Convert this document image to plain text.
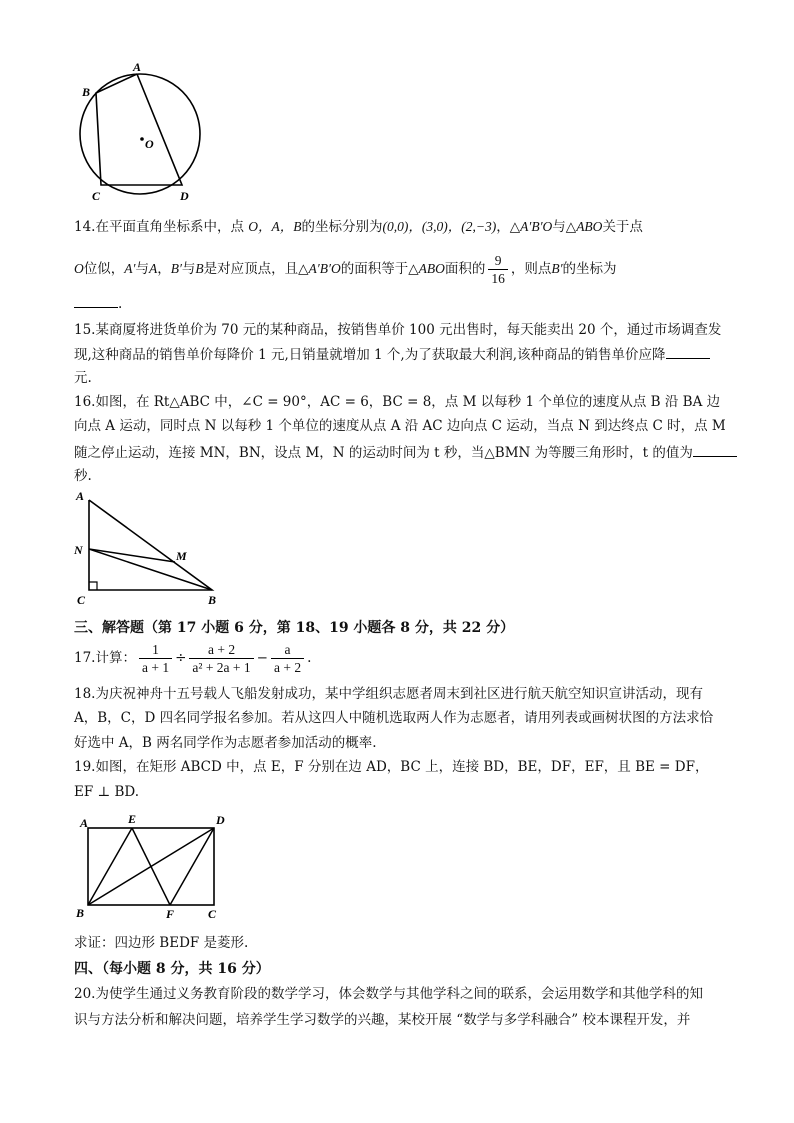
A
B
C	D
O
14.在平面直角坐标系中，点 O，A，B的坐标分别为(0,0)，(3,0)，(2,−3)，△A′B′O与△ABO关于点
O位似，A′与A，B′与B是对应顶点，且△A′B′O的面积等于△ABO面积的 $\frac{9}{16}$ ，则点B′的坐标为
.
15.某商厦将进货单价为 70 元的某种商品，按销售单价 100 元出售时，每天能卖出 20 个，通过市场调查发
现,这种商品的销售单价每降价 1 元,日销量就增加 1 个,为了获取最大利润,该种商品的销售单价应降
元.
16.如图，在 Rt△ABC 中，∠C = 90°，AC = 6，BC = 8，点 M 以每秒 1 个单位的速度从点 B 沿 BA 边
向点 A 运动，同时点 N 以每秒 1 个单位的速度从点 A 沿 AC 边向点 C 运动，当点 N 到达终点 C 时，点 M
随之停止运动，连接 MN，BN，设点 M，N 的运动时间为 t 秒，当△BMN 为等腰三角形时，t 的值为
秒.
A
N	M
C	B
三、解答题（第 17 小题 6 分，第 18、19 小题各 8 分，共 22 分）
17.计算： $\frac{1}{a + 1} \div \frac{a + 2}{\text{a² + 2a + 1}} - \frac{a}{a + 2}$ .
18.为庆祝神舟十五号载人飞船发射成功，某中学组织志愿者周末到社区进行航天航空知识宣讲活动，现有
A，B，C，D 四名同学报名参加。若从这四人中随机选取两人作为志愿者，请用列表或画树状图的方法求恰
好选中 A，B 两名同学作为志愿者参加活动的概率.
19.如图，在矩形 ABCD 中，点 E，F 分别在边 AD，BC 上，连接 BD，BE，DF，EF，且 BE = DF，
EF ⊥ BD.
A	E	D
B	F	C
求证：四边形 BEDF 是菱形.
四、（每小题 8 分，共 16 分）
20.为使学生通过义务教育阶段的数学学习，体会数学与其他学科之间的联系，会运用数学和其他学科的知
识与方法分析和解决问题，培养学生学习数学的兴趣，某校开展 “数学与多学科融合” 校本课程开发，并
